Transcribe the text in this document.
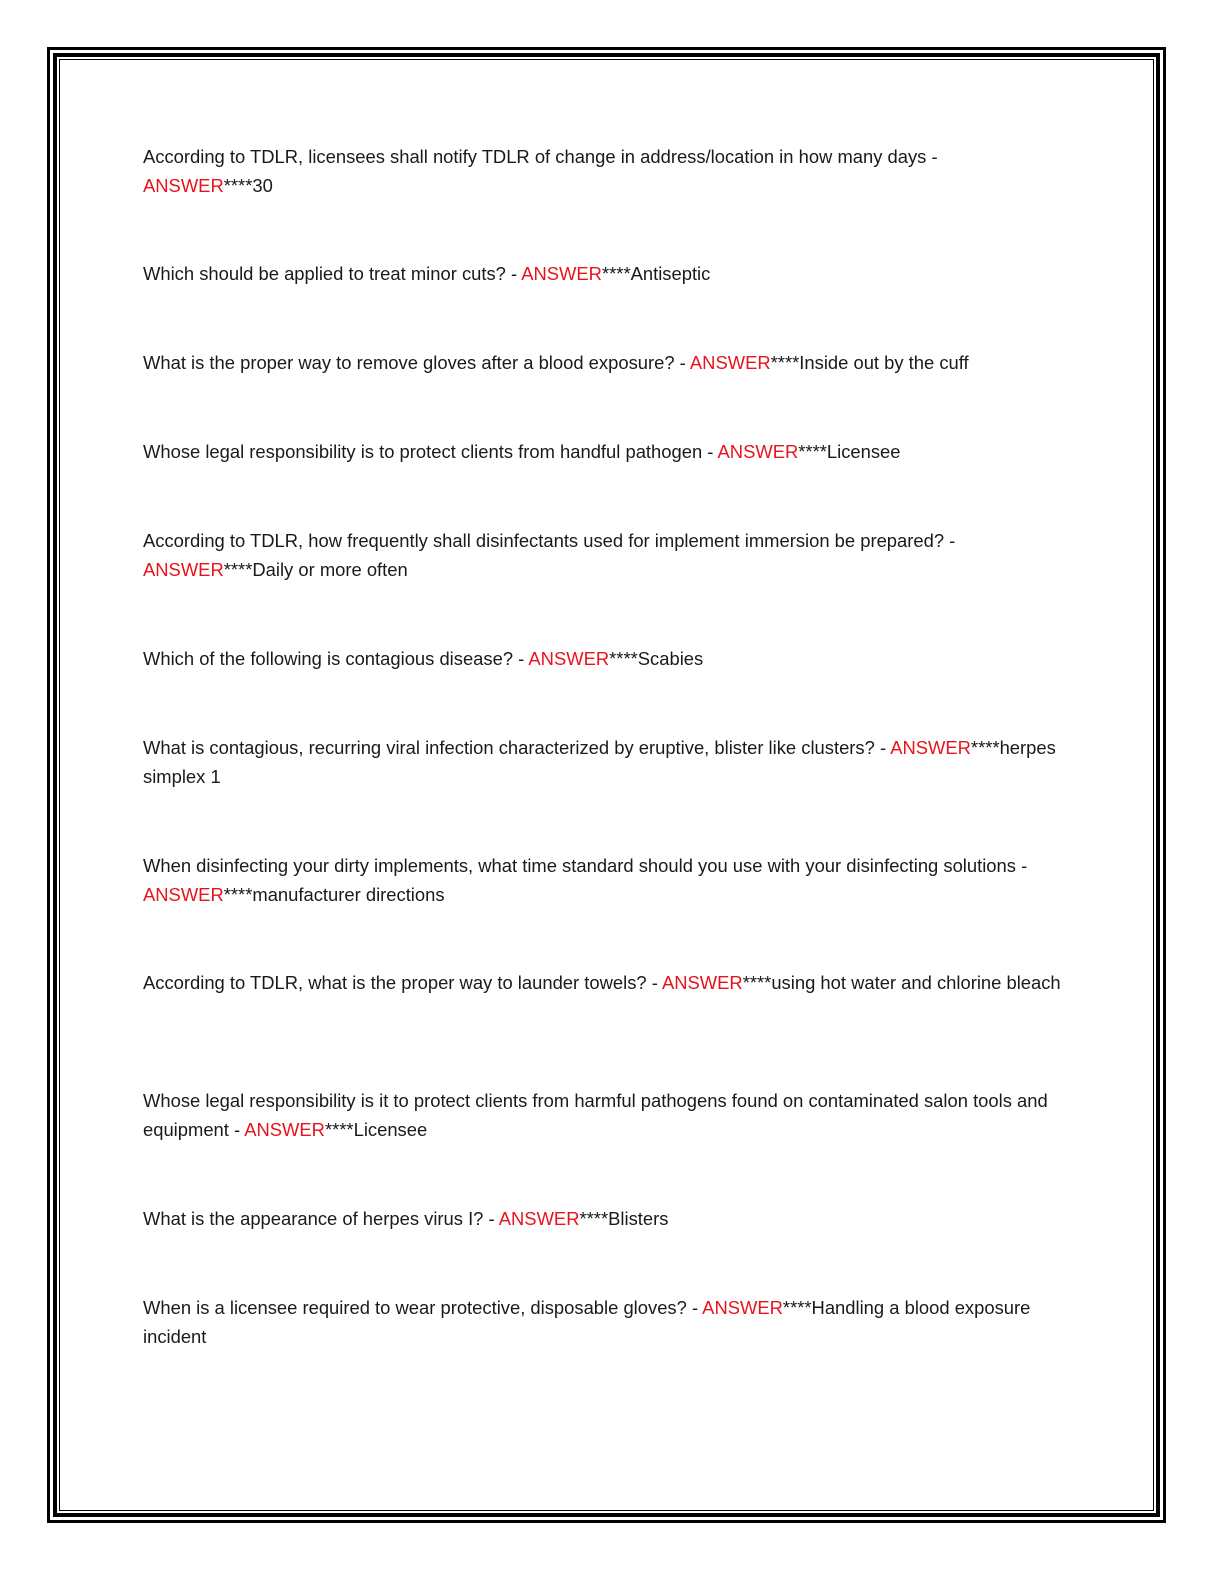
According to TDLR, licensees shall notify TDLR of change in address/location in how many days - ANSWER****30
Which should be applied to treat minor cuts? - ANSWER****Antiseptic
What is the proper way to remove gloves after a blood exposure? - ANSWER****Inside out by the cuff
Whose legal responsibility is to protect clients from handful pathogen - ANSWER****Licensee
According to TDLR, how frequently shall disinfectants used for implement immersion be prepared? - ANSWER****Daily or more often
Which of the following is contagious disease? - ANSWER****Scabies
What is contagious, recurring viral infection characterized by eruptive, blister like clusters? - ANSWER****herpes simplex 1
When disinfecting your dirty implements, what time standard should you use with your disinfecting solutions - ANSWER****manufacturer directions
According to TDLR, what is the proper way to launder towels? - ANSWER****using hot water and chlorine bleach
Whose legal responsibility is it to protect clients from harmful pathogens found on contaminated salon tools and equipment - ANSWER****Licensee
What is the appearance of herpes virus I? - ANSWER****Blisters
When is a licensee required to wear protective, disposable gloves? - ANSWER****Handling a blood exposure incident
